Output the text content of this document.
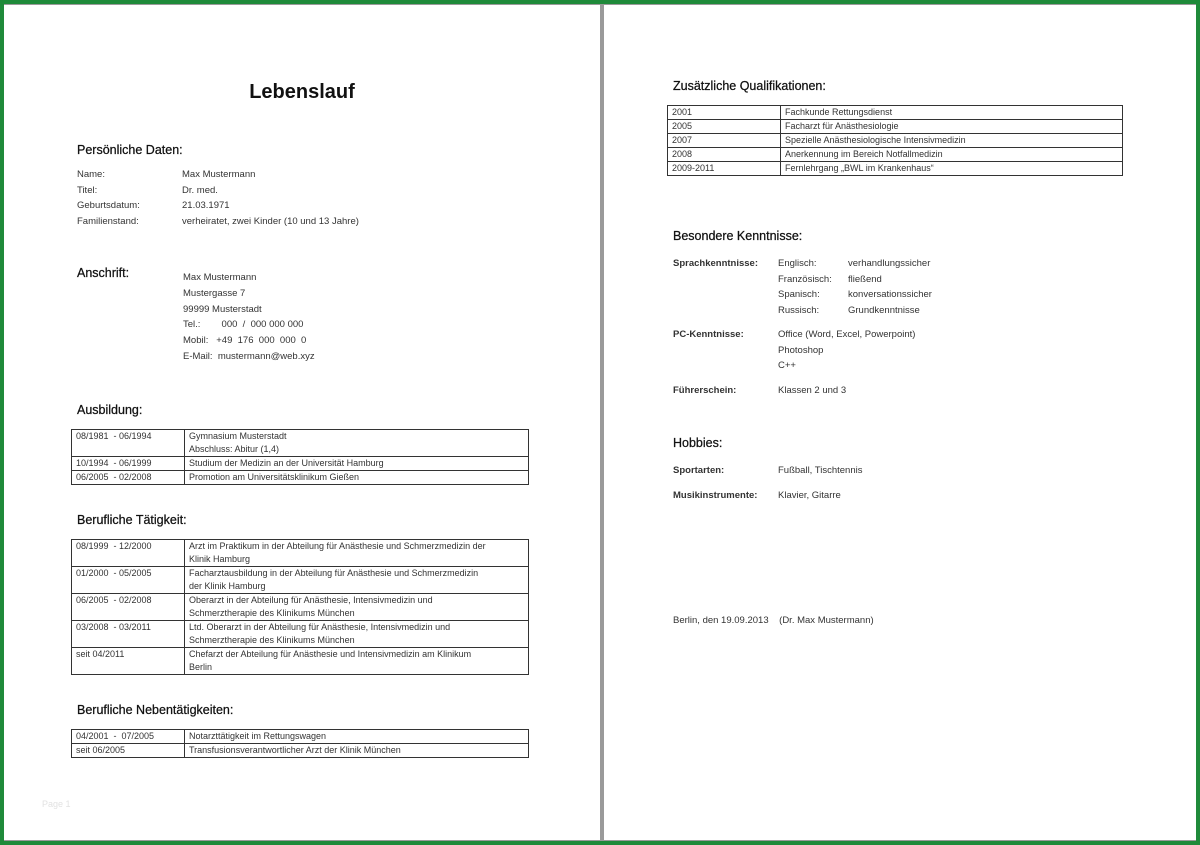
Lebenslauf
Persönliche Daten:
Name:	Max Mustermann
Titel:	Dr. med.
Geburtsdatum:	21.03.1971
Familienstand:	verheiratet, zwei Kinder (10 und 13 Jahre)
Anschrift:	Max Mustermann
Mustergasse 7
99999 Musterstadt
Tel.:        000  /  000 000 000
Mobil:   +49  176  000  000  0
E-Mail:  mustermann@web.xyz
Ausbildung:
08/1981  - 06/1994	Gymnasium Musterstadt
Abschluss: Abitur (1,4)

10/1994  - 06/1999	Studium der Medizin an der Universität Hamburg
06/2005  - 02/2008	Promotion am Universitätsklinikum Gießen
Berufliche Tätigkeit:
08/1999  - 12/2000	Arzt im Praktikum in der Abteilung für Anästhesie und Schmerzmedizin der
Klinik Hamburg

01/2000  - 05/2005	Facharztausbildung in der Abteilung für Anästhesie und Schmerzmedizin
der Klinik Hamburg

06/2005  - 02/2008	Oberarzt in der Abteilung für Anästhesie, Intensivmedizin und
Schmerztherapie des Klinikums München

03/2008  - 03/2011	Ltd. Oberarzt in der Abteilung für Anästhesie, Intensivmedizin und
Schmerztherapie des Klinikums München

seit 04/2011	Chefarzt der Abteilung für Anästhesie und Intensivmedizin am Klinikum
Berlin
Berufliche Nebentätigkeiten:
04/2001  -  07/2005	Notarzttätigkeit im Rettungswagen
seit 06/2005	Transfusionsverantwortlicher Arzt der Klinik München
Page 1
Zusätzliche Qualifikationen:
2001	Fachkunde Rettungsdienst
2005	Facharzt für Anästhesiologie
2007	Spezielle Anästhesiologische Intensivmedizin
2008	Anerkennung im Bereich Notfallmedizin
2009-2011	Fernlehrgang „BWL im Krankenhaus“
Besondere Kenntnisse:
Sprachkenntnisse: Englisch:	verhandlungssicher
Französisch: fließend
Spanisch:	konversationssicher
Russisch:	Grundkenntnisse
PC-Kenntnisse:	Office (Word, Excel, Powerpoint)
Photoshop
C++
Führerschein:	Klassen 2 und 3
Hobbies:
Sportarten:	Fußball, Tischtennis
Musikinstrumente: Klavier, Gitarre
Berlin, den 19.09.2013    (Dr. Max Mustermann)
